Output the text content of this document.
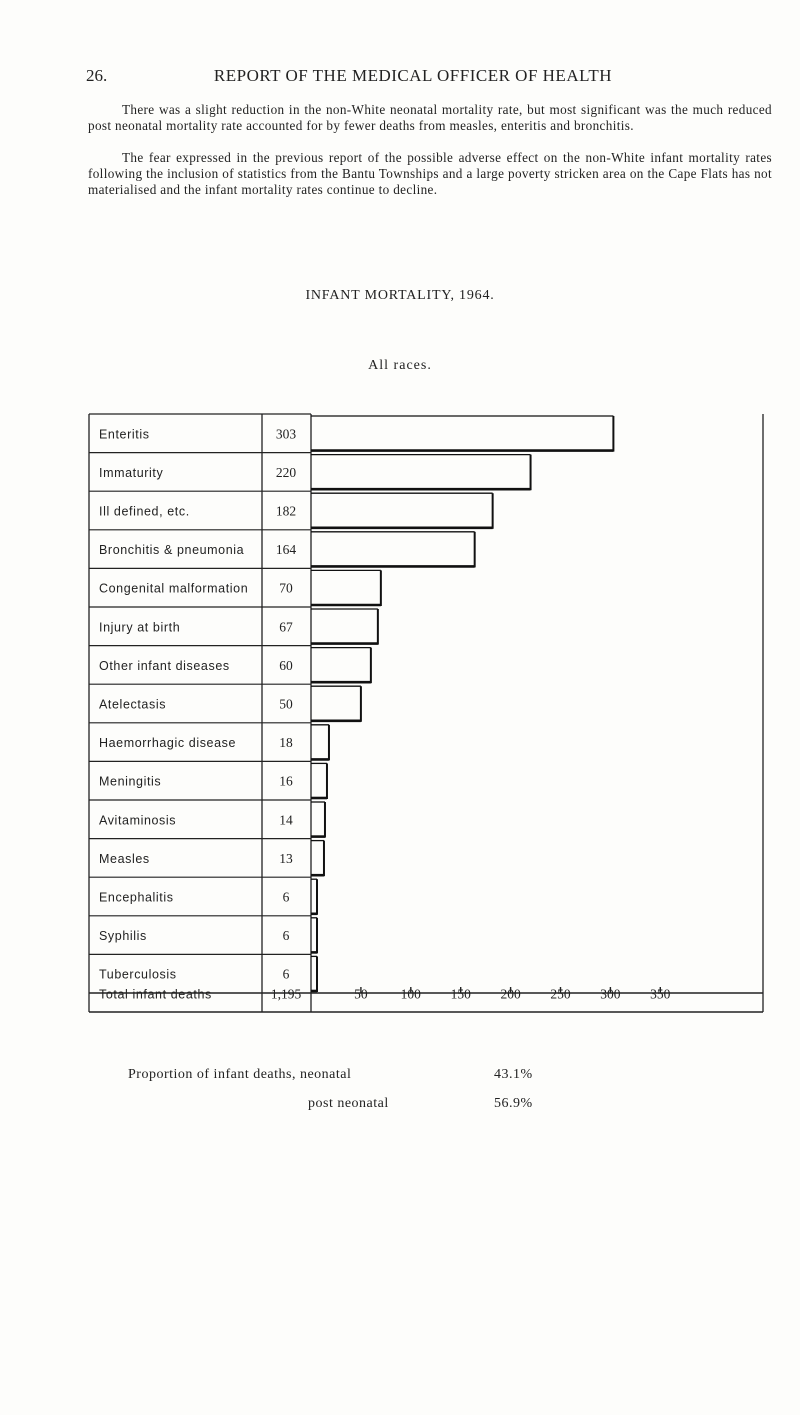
26.	REPORT OF THE MEDICAL OFFICER OF HEALTH

There was a slight reduction in the non-White neonatal mortality rate, but most significant was the much reduced post neonatal mortality rate accounted for by fewer deaths from measles, enteritis and bronchitis.

The fear expressed in the previous report of the possible adverse effect on the non-White infant mortality rates following the inclusion of statistics from the Bantu Townships and a large poverty stricken area on the Cape Flats has not materialised and the infant mortality rates continue to decline.

INFANT MORTALITY, 1964.
All races.
Enteritis	303
Immaturity	220
Ill defined, etc.	182
Bronchitis & pneumonia 164
Congenital malformation 70
Injury at birth	67
Other infant diseases	60
Atelectasis	50
Haemorrhagic disease	18
Meningitis	16
Avitaminosis	14
Measles	13
Encephalitis	6
Syphilis	6
Tuberculosis	6
Total infant deaths	1,195	50 100 150 200 250 300 350
Proportion of infant deaths, neonatal	43.1%
post neonatal	56.9%
